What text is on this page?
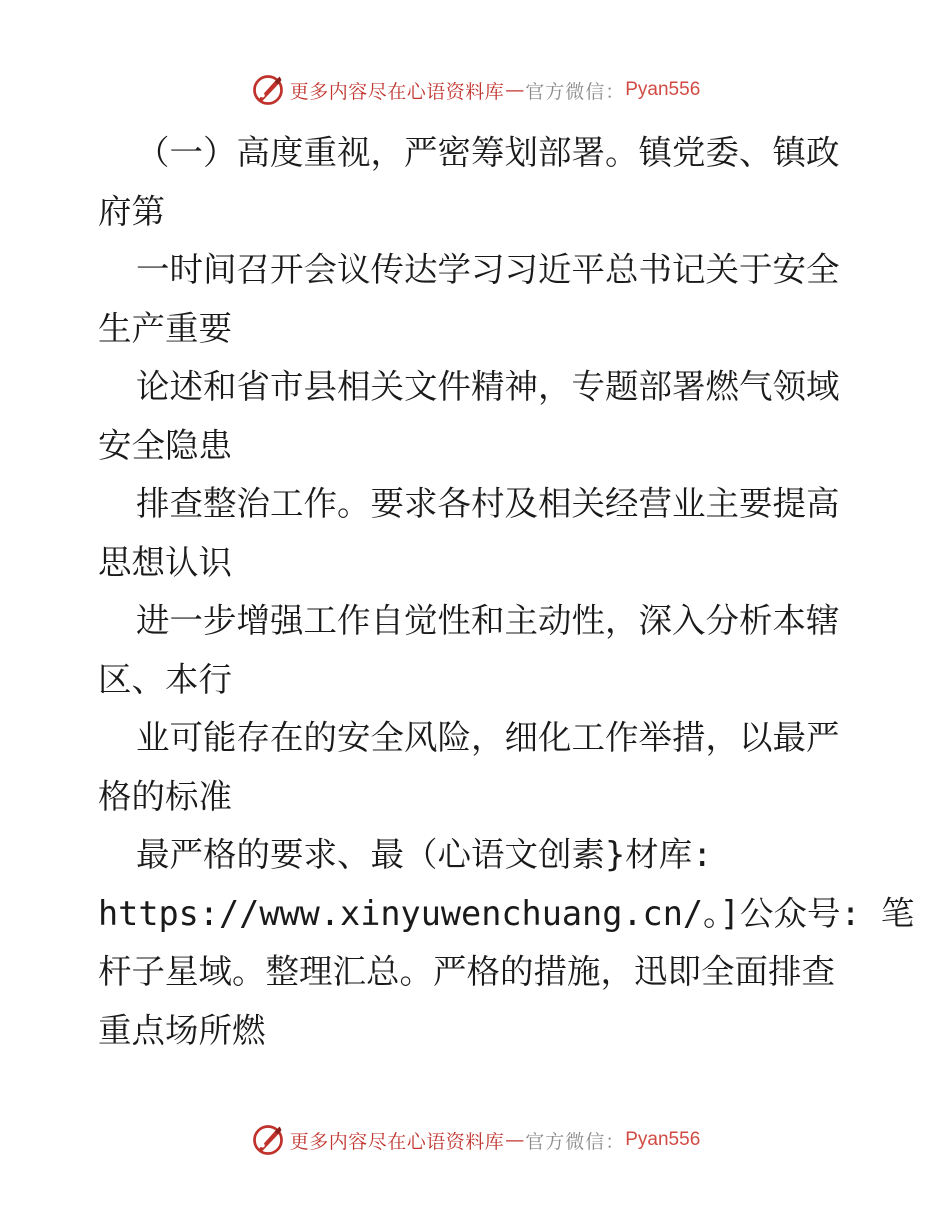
更多内容尽在心语资料库 — 官方微信： Pyan556

（一）高度重视，严密筹划部署。镇党委、镇政

府第

一时间召开会议传达学习习近平总书记关于安全

生产重要

论述和省市县相关文件精神，专题部署燃气领域

安全隐患

排查整治工作。要求各村及相关经营业主要提高

思想认识

进一步增强工作自觉性和主动性，深入分析本辖

区、本行

业可能存在的安全风险，细化工作举措，以最严

格的标准

最严格的要求、最（心语文创素}材库:

https://www.xinyuwenchuang.cn/。]公众号: 笔

杆子星域。整理汇总。严格的措施，迅即全面排查

重点场所燃

更多内容尽在心语资料库 — 官方微信： Pyan556
